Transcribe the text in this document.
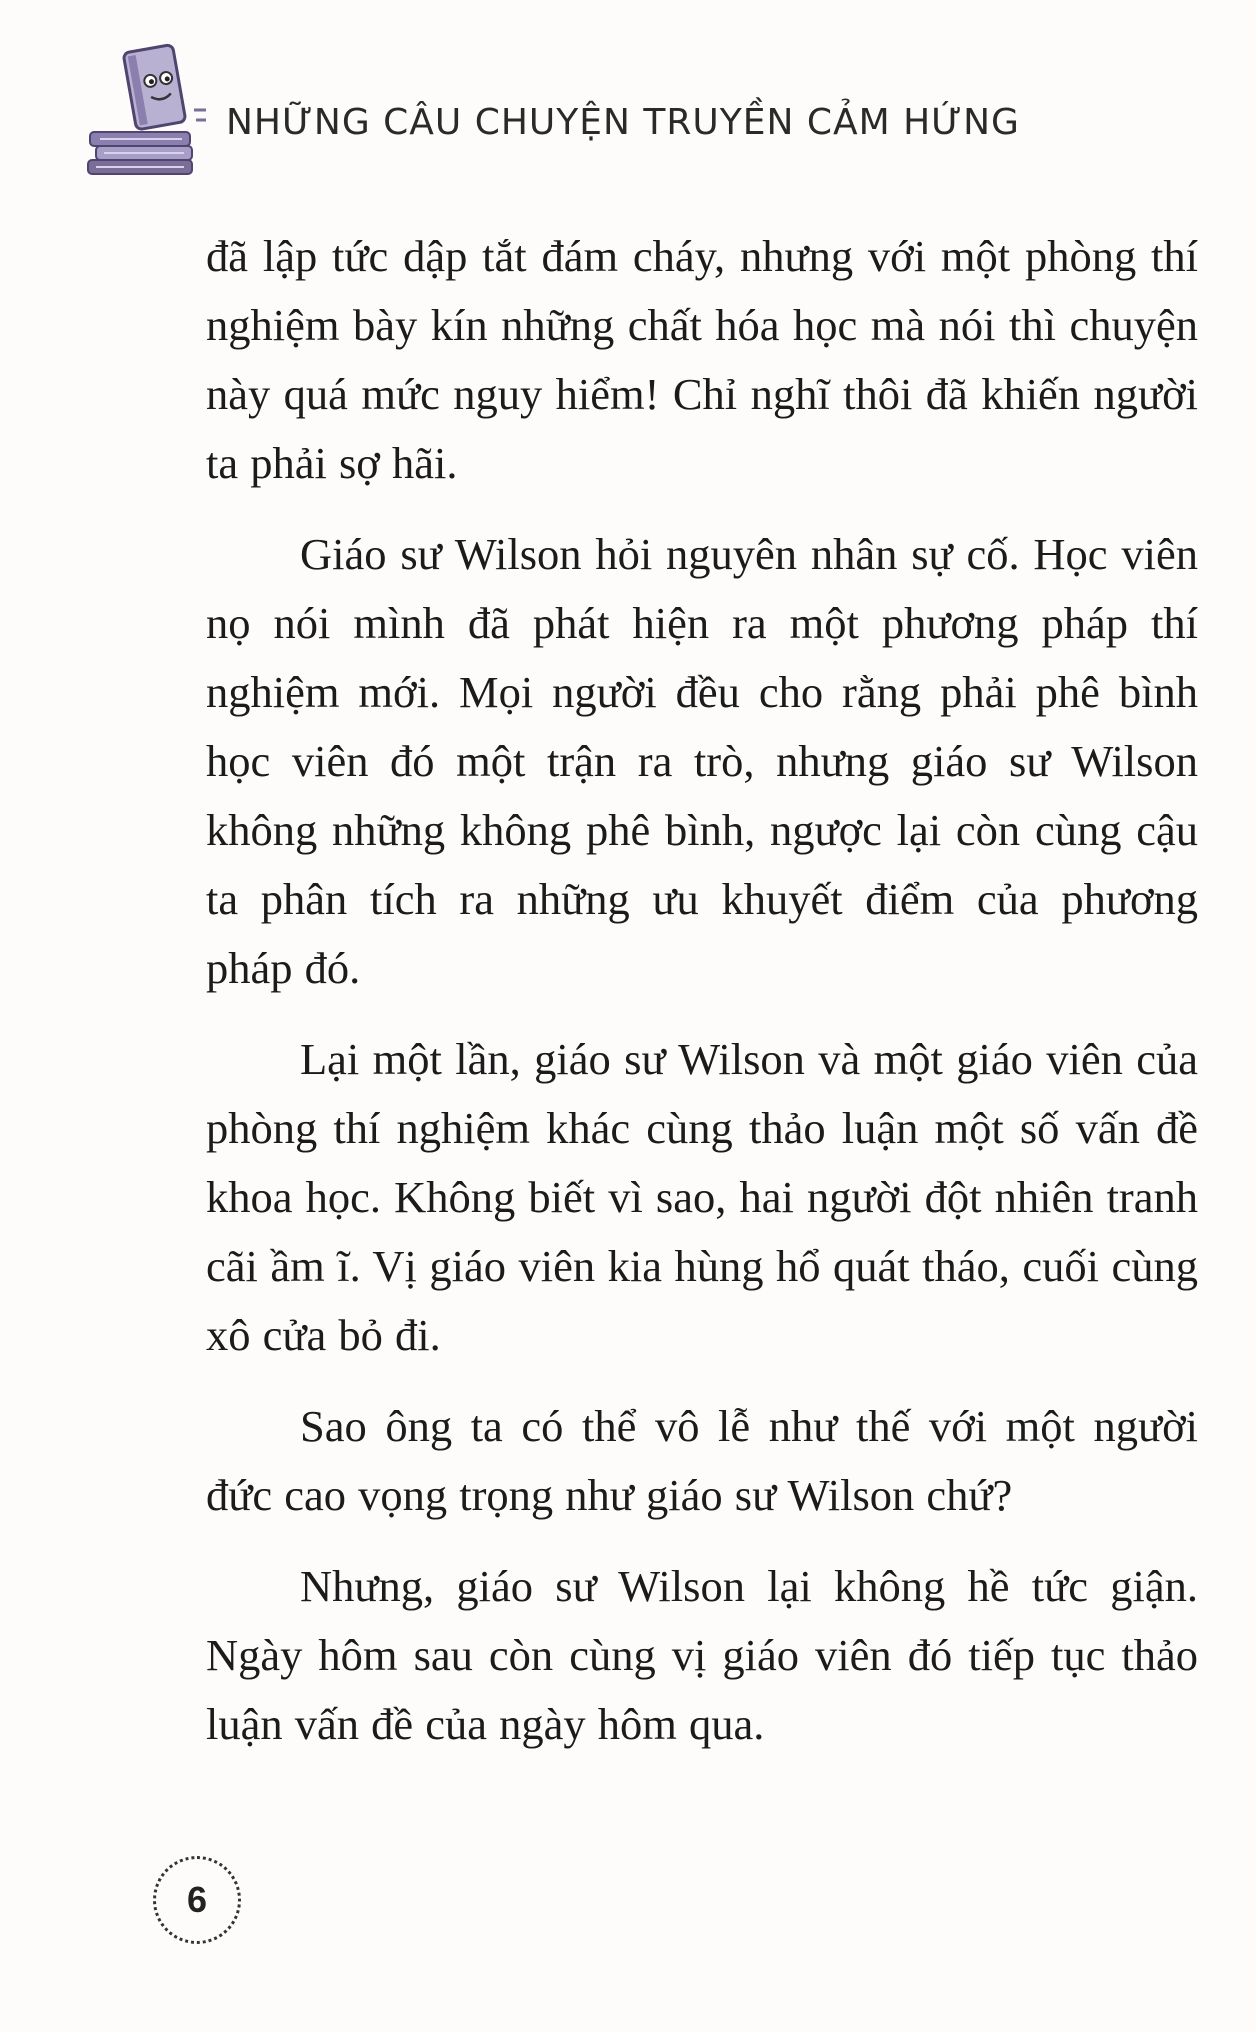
NHỮNG CÂU CHUYỆN TRUYỀN CẢM HỨNG

đã lập tức dập tắt đám cháy, nhưng với một phòng thí nghiệm bày kín những chất hóa học mà nói thì chuyện này quá mức nguy hiểm! Chỉ nghĩ thôi đã khiến người ta phải sợ hãi.

Giáo sư Wilson hỏi nguyên nhân sự cố. Học viên nọ nói mình đã phát hiện ra một phương pháp thí nghiệm mới. Mọi người đều cho rằng phải phê bình học viên đó một trận ra trò, nhưng giáo sư Wilson không những không phê bình, ngược lại còn cùng cậu ta phân tích ra những ưu khuyết điểm của phương pháp đó.

Lại một lần, giáo sư Wilson và một giáo viên của phòng thí nghiệm khác cùng thảo luận một số vấn đề khoa học. Không biết vì sao, hai người đột nhiên tranh cãi ầm ĩ. Vị giáo viên kia hùng hổ quát tháo, cuối cùng xô cửa bỏ đi.

Sao ông ta có thể vô lễ như thế với một người đức cao vọng trọng như giáo sư Wilson chứ?

Nhưng, giáo sư Wilson lại không hề tức giận. Ngày hôm sau còn cùng vị giáo viên đó tiếp tục thảo luận vấn đề của ngày hôm qua.

6
